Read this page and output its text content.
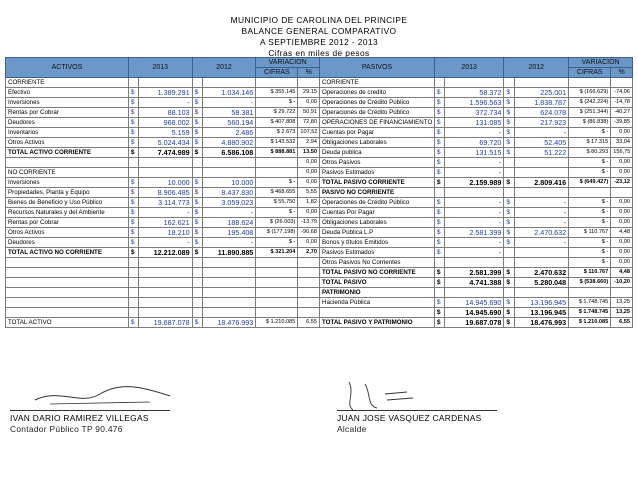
MUNICIPIO DE CAROLINA DEL PRINCIPE
BALANCE GENERAL COMPARATIVO
A SEPTIEMBRE 2012 - 2013
Cifras en miles de pesos
ACTIVOS	2013		2012		VARIACIÓN		PASIVOS	2013		2012		VARIACIÓN	
					CIFRAS	%						CIFRAS	%
CORRIENTE							CORRIENTE						
Efectivo	$	1.389.291	$	1.034.146	$ 355.145	29.15	Operaciones de credito	$	58.372	$	225.001	$ (166.629)	-74,06
Inversiones	$	-	$	-	$ -	0,00	Operaciones de Crédito Público	$	1.596.563	$	1.838.787	$ (242.224)	-14,78
Rentas por Cobrar	$	88.103	$	58.381	$ 29.722	50,91	Operaciones de Crédito Público	$	372.734	$	624.078	$ (251.344)	-40,27
Deudores	$	968.002	$	560.194	$ 407.808	72,80	OPERACIONES DE FINANCIAMIENTO	$	131.085	$	217.923	$ (86.838)	-39,85
Inventarios	$	5.159	$	2.486	$ 2.673	107,52	Cuentas por Pagar	$	-	$	-	$ -	0,00
Otros Activos	$	5.024.434	$	4.880.902	$ 143.532	2,94	Obligaciones Laborales	$	69.720	$	52.405	$ 17.315	33,04
TOTAL ACTIVO CORRIENTE	$	7.474.989	$	6.586.108	$ 888.881	13,50	Deuda publica	$	131.515	$	51.222	$ 80.293	156,75
						0,00	Otros Pasivos	$	-			$ -	0,00
NO CORRIENTE						0,00	Pasivos Estimados	$	-			$ -	0,00
Inversiones	$	10.000	$	10.000	$ -	0,00	TOTAL PASIVO CORRIENTE	$	2.159.989	$	2.809.416	$ (649.427)	-23,12
Propiedades, Planta y Equipo	$	8.906.485	$	8.437.830	$ 468.655	5,55	PASIVO NO CORRIENTE						
Bienes de Beneficio y Uso Público	$	3.114.773	$	3.059.023	$ 55.750	1,82	Operaciones de Crédito Público	$	-	$	-	$ -	0,00
Recursos Naturales y del Ambiente	$	-	$	-	$ -	0,00	Cuentas Por Pagar	$	-	$	-	$ -	0,00
Rentas por Cobrar	$	162.621	$	188.624	$ (26.003)	-13,79	Obligaciones Laborales	$	-	$	-	$ -	0,00
Otros Activos	$	18.210	$	195.408	$ (177.198)	-90,68	Deuda Pública L.P	$	2.581.399	$	2.470.632	$ 110.767	4,48
Deudores	$	-	$	-	$ -	0,00	Bonos y títulos Emitidos	$	-	$	-	$ -	0,00
TOTAL ACTIVO NO CORRIENTE	$	12.212.089	$	11.890.885	$ 321.204	2,70	Pasivos Estimados	$	-			$ -	0,00
							Otros Pasivos No Corrientes					$ -	0,00
							TOTAL PASIVO NO CORRIENTE	$	2.581.399	$	2.470.632	$ 110.767	4,48
							TOTAL PASIVO	$	4.741.388	$	5.280.048	$ (538.660)	-10,20
							PATRIMONIO						
							Hacienda Pública	$	14.945.690	$	13.196.945	$ 1.748.745	13,25
								$	14.945.690	$	13.196.945	$ 1.748.745	13,25
TOTAL ACTIVO	$	19.687.078	$	18.476.993	$ 1.210.085	6,55	TOTAL PASIVO Y PATRIMONIO	$	19.687.078	$	18.476.993	$ 1.210.085	6,55
IVAN DARIO RAMIREZ VILLEGAS
Contador Público TP 90.476
JUAN JOSE VASQUEZ CARDENAS
Alcalde
